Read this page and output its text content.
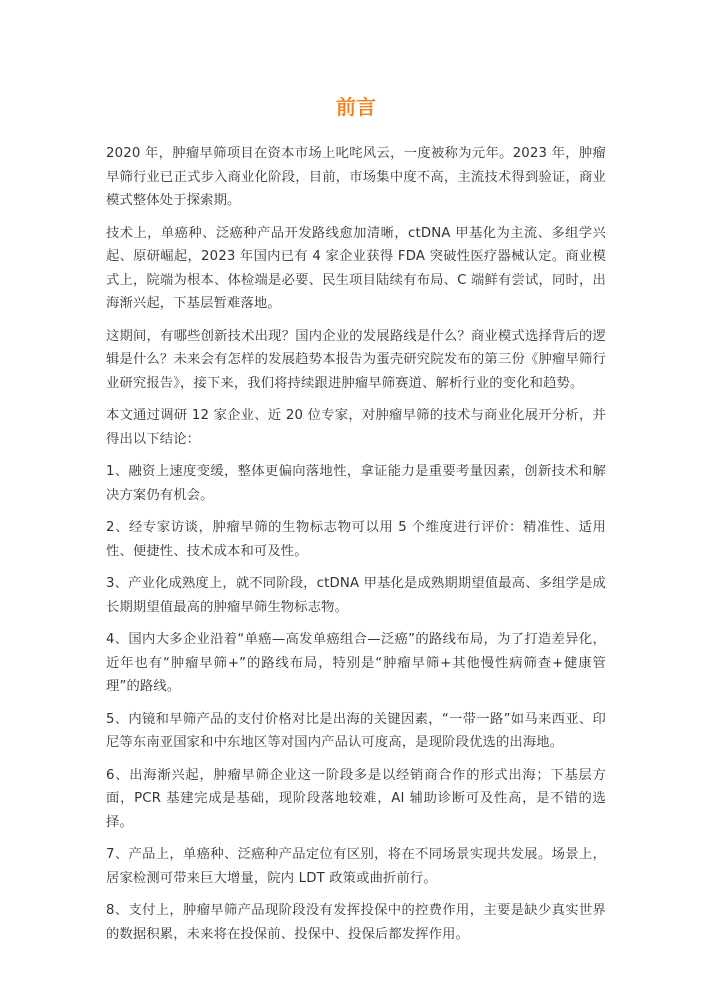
前言

2020 年，肿瘤早筛项目在资本市场上叱咤风云，一度被称为元年。2023 年，肿瘤早筛行业已正式步入商业化阶段，目前，市场集中度不高，主流技术得到验证，商业模式整体处于探索期。

技术上，单癌种、泛癌种产品开发路线愈加清晰，ctDNA 甲基化为主流、多组学兴起、原研崛起，2023 年国内已有 4 家企业获得 FDA 突破性医疗器械认定。商业模式上，院端为根本、体检端是必要、民生项目陆续有布局、C 端鲜有尝试，同时，出海渐兴起，下基层暂难落地。

这期间，有哪些创新技术出现？国内企业的发展路线是什么？商业模式选择背后的逻辑是什么？未来会有怎样的发展趋势本报告为蛋壳研究院发布的第三份《肿瘤早筛行业研究报告》，接下来，我们将持续跟进肿瘤早筛赛道、解析行业的变化和趋势。

本文通过调研 12 家企业、近 20 位专家，对肿瘤早筛的技术与商业化展开分析，并得出以下结论：

1、融资上速度变缓，整体更偏向落地性，拿证能力是重要考量因素，创新技术和解决方案仍有机会。

2、经专家访谈，肿瘤早筛的生物标志物可以用 5 个维度进行评价：精准性、适用性、便捷性、技术成本和可及性。

3、产业化成熟度上，就不同阶段，ctDNA 甲基化是成熟期期望值最高、多组学是成长期期望值最高的肿瘤早筛生物标志物。

4、国内大多企业沿着“单癌—高发单癌组合—泛癌”的路线布局，为了打造差异化，近年也有“肿瘤早筛+”的路线布局，特别是“肿瘤早筛+其他慢性病筛查+健康管理”的路线。

5、内镜和早筛产品的支付价格对比是出海的关键因素，“一带一路”如马来西亚、印尼等东南亚国家和中东地区等对国内产品认可度高，是现阶段优选的出海地。

6、出海渐兴起，肿瘤早筛企业这一阶段多是以经销商合作的形式出海；下基层方面，PCR 基建完成是基础，现阶段落地较难，AI 辅助诊断可及性高，是不错的选择。

7、产品上，单癌种、泛癌种产品定位有区别，将在不同场景实现共发展。场景上，居家检测可带来巨大增量，院内 LDT 政策或曲折前行。

8、支付上，肿瘤早筛产品现阶段没有发挥投保中的控费作用，主要是缺少真实世界的数据积累，未来将在投保前、投保中、投保后都发挥作用。
